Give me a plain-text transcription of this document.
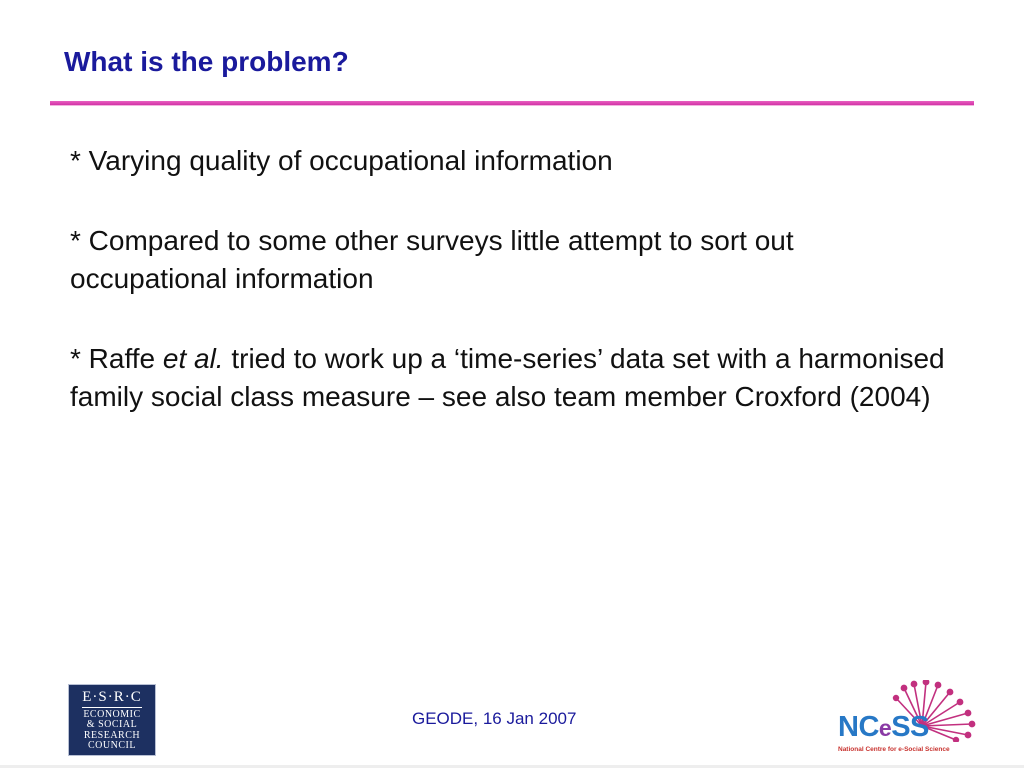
What is the problem?
* Varying quality of occupational information
* Compared to some other surveys little attempt to sort out occupational information
* Raffe et al. tried to work up a ‘time-series’ data set with a harmonised family social class measure – see also team member Croxford (2004)
E·S·R·C
ECONOMIC
& SOCIAL
RESEARCH
COUNCIL
GEODE, 16 Jan 2007	NCeSS
National Centre for e-Social Science
